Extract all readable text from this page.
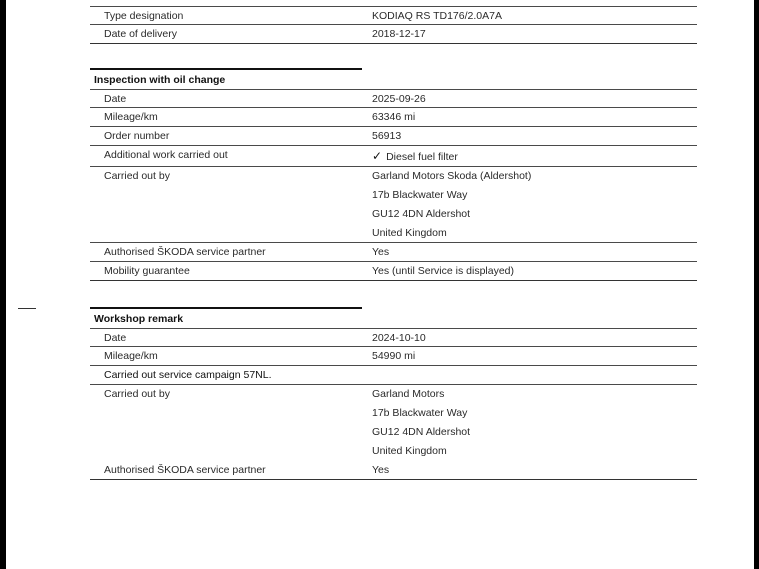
Type designation	KODIAQ RS TD176/2.0A7A
Date of delivery	2018-12-17
Inspection with oil change
Date	2025-09-26
Mileage/km	63346 mi
Order number	56913
Additional work carried out	✓ Diesel fuel filter
Carried out by	Garland Motors Skoda (Aldershot)
17b Blackwater Way
GU12 4DN Aldershot
United Kingdom
Authorised ŠKODA service partner	Yes
Mobility guarantee	Yes (until Service is displayed)
Workshop remark
Date	2024-10-10
Mileage/km	54990 mi
Carried out service campaign 57NL.
Carried out by	Garland Motors
17b Blackwater Way
GU12 4DN Aldershot
United Kingdom
Authorised ŠKODA service partner	Yes
